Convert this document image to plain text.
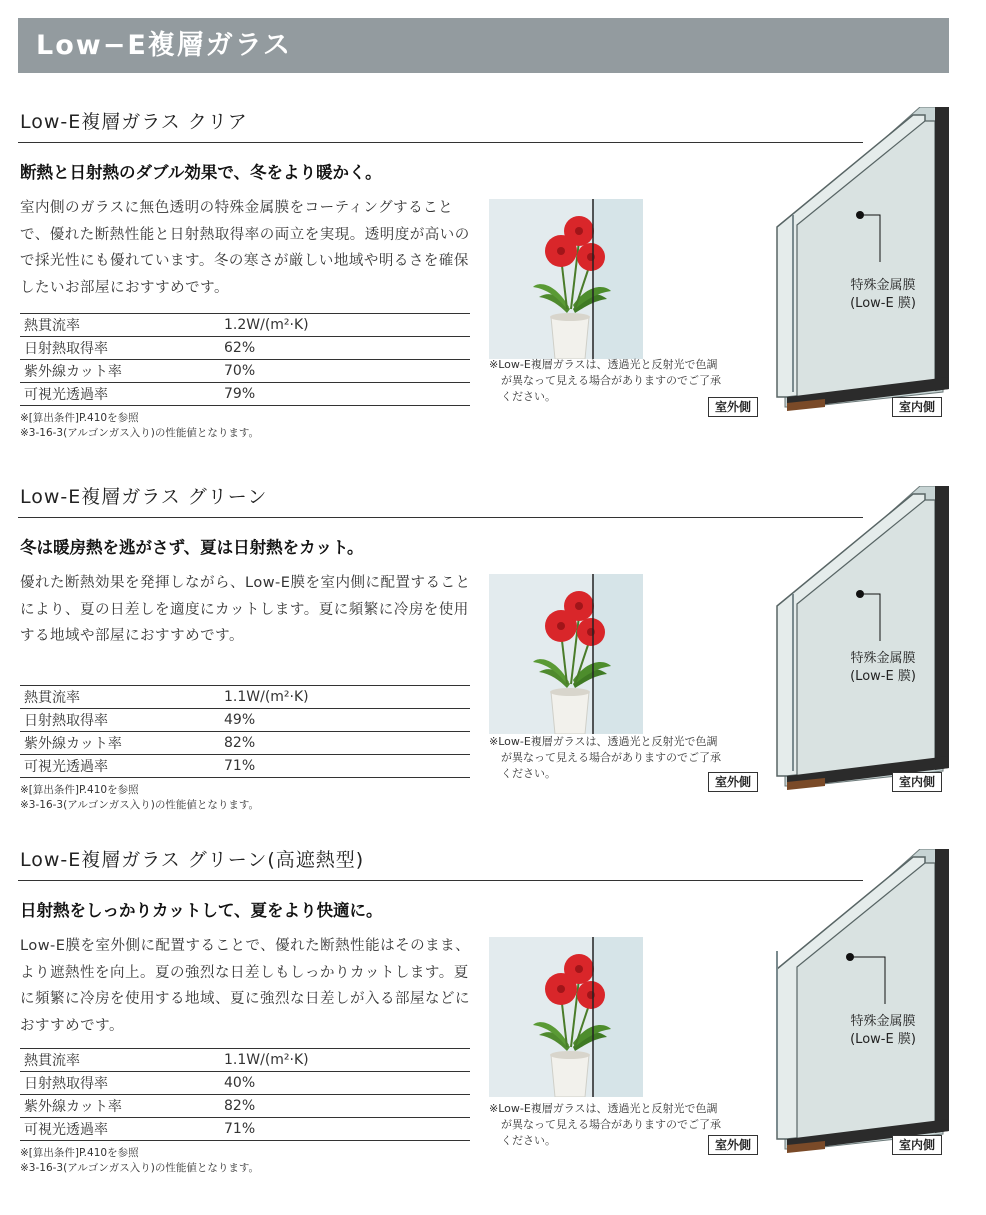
Low−E複層ガラス
Low-E複層ガラス クリア
断熱と日射熱のダブル効果で、冬をより暖かく。
室内側のガラスに無色透明の特殊金属膜をコーティングすることで、優れた断熱性能と日射熱取得率の両立を実現。透明度が高いので採光性にも優れています。冬の寒さが厳しい地域や明るさを確保したいお部屋におすすめです。
熱貫流率	1.2W/(m²·K)
日射熱取得率	62%
紫外線カット率	70%
可視光透過率	79%
※[算出条件]P.410を参照
※3-16-3(アルゴンガス入り)の性能値となります。
※Low-E複層ガラスは、透過光と反射光で色調が異なって見える場合がありますのでご了承ください。
特殊金属膜
(Low-E 膜)
室外側	室内側
Low-E複層ガラス グリーン
冬は暖房熱を逃がさず、夏は日射熱をカット。
優れた断熱効果を発揮しながら、Low-E膜を室内側に配置することにより、夏の日差しを適度にカットします。夏に頻繁に冷房を使用する地域や部屋におすすめです。
熱貫流率	1.1W/(m²·K)
日射熱取得率	49%
紫外線カット率	82%
可視光透過率	71%
※[算出条件]P.410を参照
※3-16-3(アルゴンガス入り)の性能値となります。
※Low-E複層ガラスは、透過光と反射光で色調が異なって見える場合がありますのでご了承ください。
特殊金属膜
(Low-E 膜)
室外側	室内側
Low-E複層ガラス グリーン(高遮熱型)
日射熱をしっかりカットして、夏をより快適に。
Low-E膜を室外側に配置することで、優れた断熱性能はそのまま、より遮熱性を向上。夏の強烈な日差しもしっかりカットします。夏に頻繁に冷房を使用する地域、夏に強烈な日差しが入る部屋などにおすすめです。
熱貫流率	1.1W/(m²·K)
日射熱取得率	40%
紫外線カット率	82%
可視光透過率	71%
※[算出条件]P.410を参照
※3-16-3(アルゴンガス入り)の性能値となります。
※Low-E複層ガラスは、透過光と反射光で色調が異なって見える場合がありますのでご了承ください。
特殊金属膜
(Low-E 膜)
室外側	室内側
